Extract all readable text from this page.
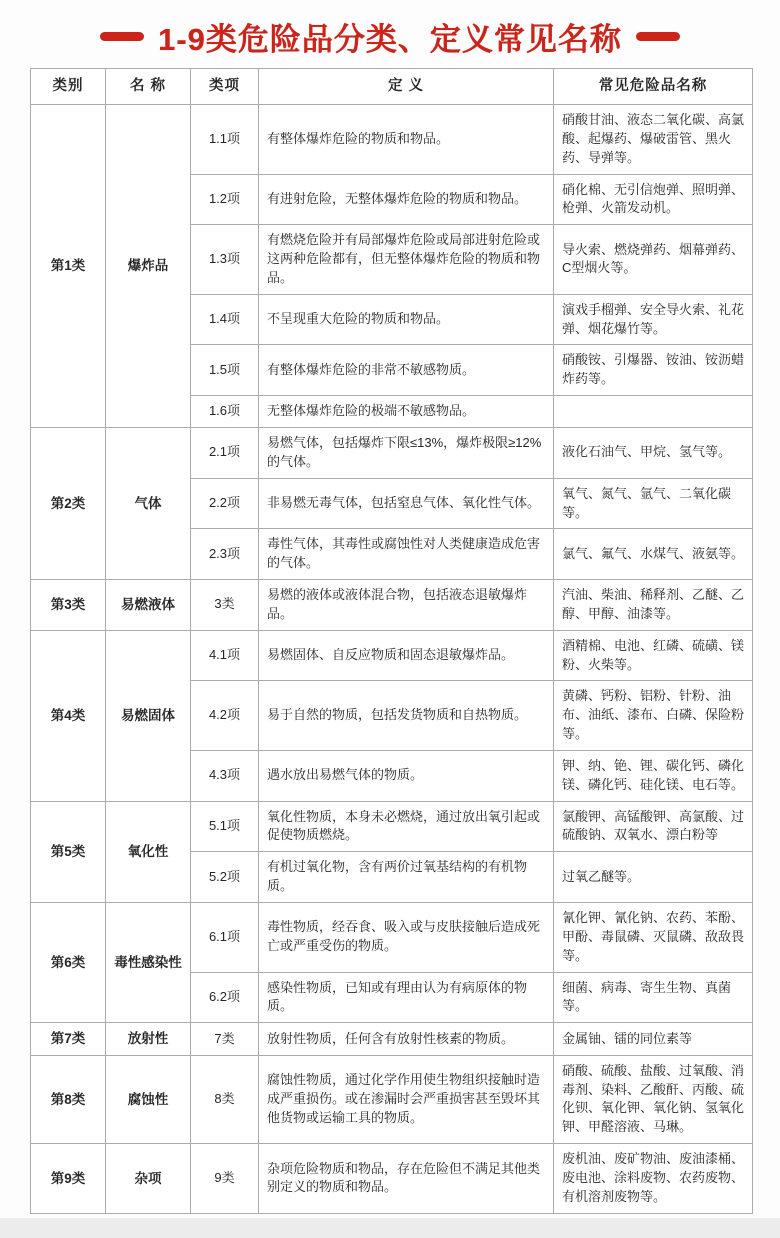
1-9类危险品分类、定义常见名称
类别	名 称	类项	定 义	常见危险品名称
第1类	爆炸品	1.1项	有整体爆炸危险的物质和物品。	硝酸甘油、液态二氧化碳、高氯酸、起爆药、爆破雷管、黑火药、导弹等。
		1.2项	有进射危险，无整体爆炸危险的物质和物品。	硝化棉、无引信炮弹、照明弹、枪弹、火箭发动机。
		1.3项	有燃烧危险并有局部爆炸危险或局部进射危险或这两种危险都有，但无整体爆炸危险的物质和物品。	导火索、燃烧弹药、烟幕弹药、C型烟火等。
		1.4项	不呈现重大危险的物质和物品。	演戏手榴弹、安全导火索、礼花弹、烟花爆竹等。
		1.5项	有整体爆炸危险的非常不敏感物质。	硝酸铵、引爆器、铵油、铵沥蜡炸药等。
		1.6项	无整体爆炸危险的极端不敏感物品。	
第2类	气体	2.1项	易燃气体，包括爆炸下限≤13%，爆炸极限≥12%的气体。	液化石油气、甲烷、氢气等。
		2.2项	非易燃无毒气体，包括窒息气体、氧化性气体。	氧气、氮气、氩气、二氧化碳等。
		2.3项	毒性气体，其毒性或腐蚀性对人类健康造成危害的气体。	氯气、氟气、水煤气、液氨等。
第3类	易燃液体	3类	易燃的液体或液体混合物，包括液态退敏爆炸品。	汽油、柴油、稀释剂、乙醚、乙醇、甲醇、油漆等。
第4类	易燃固体	4.1项	易燃固体、自反应物质和固态退敏爆炸品。	酒精棉、电池、红磷、硫磺、镁粉、火柴等。
		4.2项	易于自然的物质，包括发货物质和自热物质。	黄磷、钙粉、铝粉、针粉、油布、油纸、漆布、白磷、保险粉等。
		4.3项	遇水放出易燃气体的物质。	钾、纳、铯、锂、碳化钙、磷化镁、磷化钙、硅化镁、电石等。
第5类	氧化性	5.1项	氧化性物质，本身未必燃烧，通过放出氧引起或促使物质燃烧。	氯酸钾、高锰酸钾、高氯酸、过硫酸钠、双氧水、漂白粉等
		5.2项	有机过氧化物，含有两价过氧基结构的有机物质。	过氧乙醚等。
第6类	毒性感染性	6.1项	毒性物质，经吞食、吸入或与皮肤接触后造成死亡或严重受伤的物质。	氰化钾、氰化钠、农药、苯酚、甲酚、毒鼠磷、灭鼠磷、敌敌畏等。
		6.2项	感染性物质，已知或有理由认为有病原体的物质。	细菌、病毒、寄生生物、真菌等。
第7类	放射性	7类	放射性物质，任何含有放射性核素的物质。	金属铀、镭的同位素等
第8类	腐蚀性	8类	腐蚀性物质，通过化学作用使生物组织接触时造成严重损伤。或在渗漏时会严重损害甚至毁坏其他货物或运输工具的物质。	硝酸、硫酸、盐酸、过氧酸、消毒剂、染料、乙酸酐、丙酸、硫化钡、氧化钾、氧化钠、氢氧化钾、甲醛溶液、马琳。
第9类	杂项	9类	杂项危险物质和物品，存在危险但不满足其他类别定义的物质和物品。	废机油、废矿物油、废油漆桶、废电池、涂料废物、农药废物、有机溶剂废物等。
